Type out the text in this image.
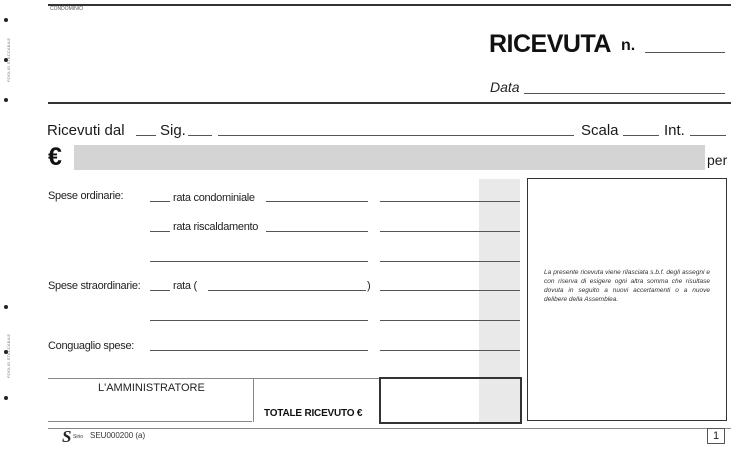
FOGLIO STACCABILE
FOGLIO STACCABILE
CONDOMINIO
RICEVUTA n.
Data
Ricevuti dal Sig.	Scala	Int.
€	per
Spese ordinarie:	rata condominiale
rata riscaldamento
Spese straordinarie:	rata (	)
Conguaglio spese:
La presente ricevuta viene rilasciata s.b.f. degli assegni e con riserva di esigere ogni altra somma che risultase dovuta in seguito a nuovi accertamenti o a nuove delibere della Assemblea.
L'AMMINISTRATORE
TOTALE RICEVUTO €
S Sirio SEU000200 (a)	1
